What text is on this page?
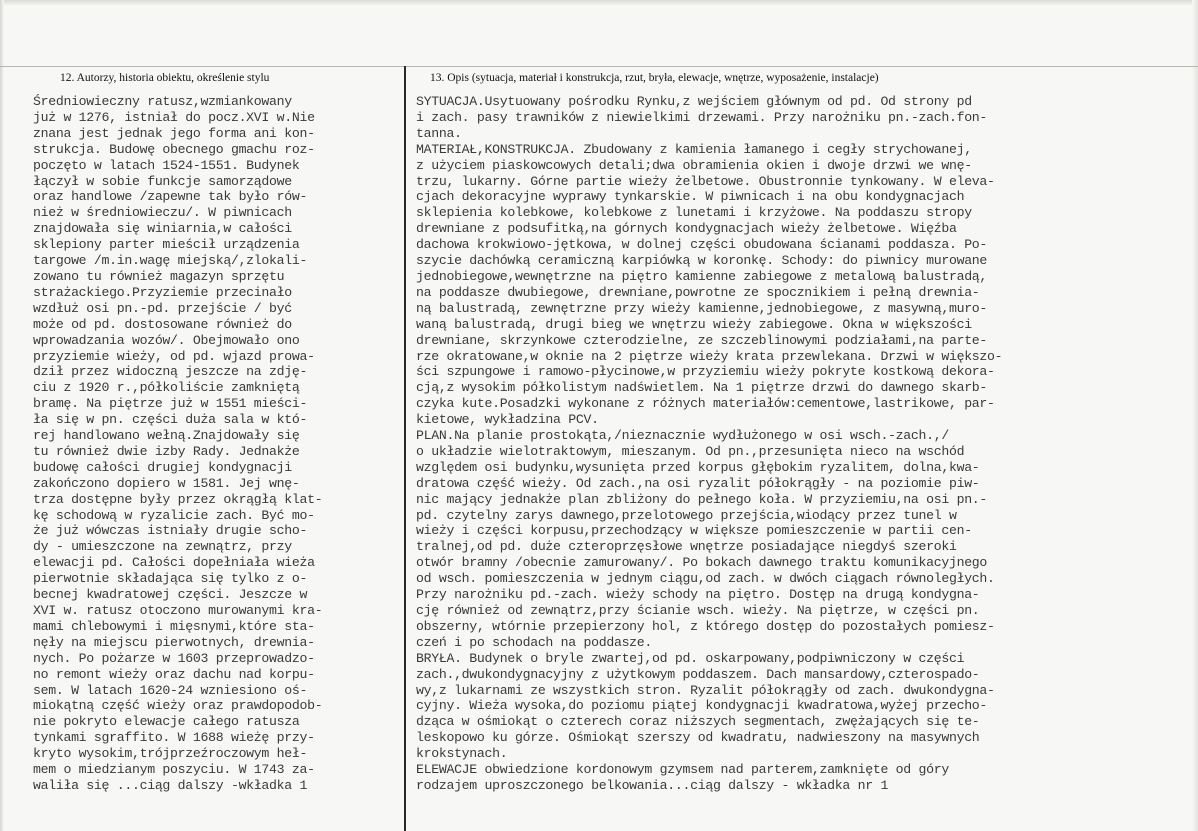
12. Autorzy, historia obiektu, określenie stylu	13. Opis (sytuacja, materiał i konstrukcja, rzut, bryła, elewacje, wnętrze, wyposażenie, instalacje)

Średniowieczny ratusz,wzmiankowany
już w 1276, istniał do pocz.XVI w.Nie
znana jest jednak jego forma ani kon-
strukcja. Budowę obecnego gmachu roz-
poczęto w latach 1524-1551. Budynek
łączył w sobie funkcje samorządowe
oraz handlowe /zapewne tak było rów-
nież w średniowieczu/. W piwnicach
znajdowała się winiarnia,w całości
sklepiony parter mieścił urządzenia
targowe /m.in.wagę miejską/,zlokali-
zowano tu również magazyn sprzętu
strażackiego.Przyziemie przecinało
wzdłuż osi pn.-pd. przejście / być
może od pd. dostosowane również do
wprowadzania wozów/. Obejmowało ono
przyziemie wieży, od pd. wjazd prowa-
dził przez widoczną jeszcze na zdję-
ciu z 1920 r.,półkoliście zamkniętą
bramę. Na piętrze już w 1551 mieści-
ła się w pn. części duża sala w któ-
rej handlowano wełną.Znajdowały się
tu również dwie izby Rady. Jednakże
budowę całości drugiej kondygnacji
zakończono dopiero w 1581. Jej wnę-
trza dostępne były przez okrągłą klat-
kę schodową w ryzalicie zach. Być mo-
że już wówczas istniały drugie scho-
dy - umieszczone na zewnątrz, przy
elewacji pd. Całości dopełniała wieża
pierwotnie składająca się tylko z o-
becnej kwadratowej części. Jeszcze w
XVI w. ratusz otoczono murowanymi kra-
mami chlebowymi i mięsnymi,które sta-
nęły na miejscu pierwotnych, drewnia-
nych. Po pożarze w 1603 przeprowadzo-
no remont wieży oraz dachu nad korpu-
sem. W latach 1620-24 wzniesiono oś-
miokątną część wieży oraz prawdopodob-
nie pokryto elewacje całego ratusza
tynkami sgraffito. W 1688 wieżę przy-
kryto wysokim,trójprzeźroczowym heł-
mem o miedzianym poszyciu. W 1743 za-
waliła się ...ciąg dalszy -wkładka 1
SYTUACJA.Usytuowany pośrodku Rynku,z wejściem głównym od pd. Od strony pd
i zach. pasy trawników z niewielkimi drzewami. Przy narożniku pn.-zach.fon-
tanna.
MATERIAŁ,KONSTRUKCJA. Zbudowany z kamienia łamanego i cegły strychowanej,
z użyciem piaskowcowych detali;dwa obramienia okien i dwoje drzwi we wnę-
trzu, lukarny. Górne partie wieży żelbetowe. Obustronnie tynkowany. W eleva-
cjach dekoracyjne wyprawy tynkarskie. W piwnicach i na obu kondygnacjach
sklepienia kolebkowe, kolebkowe z lunetami i krzyżowe. Na poddaszu stropy
drewniane z podsufitką,na górnych kondygnacjach wieży żelbetowe. Więźba
dachowa krokwiowo-jętkowa, w dolnej części obudowana ścianami poddasza. Po-
szycie dachówką ceramiczną karpiówką w koronkę. Schody: do piwnicy murowane
jednobiegowe,wewnętrzne na piętro kamienne zabiegowe z metalową balustradą,
na poddasze dwubiegowe, drewniane,powrotne ze spocznikiem i pełną drewnia-
ną balustradą, zewnętrzne przy wieży kamienne,jednobiegowe, z masywną,muro-
waną balustradą, drugi bieg we wnętrzu wieży zabiegowe. Okna w większości
drewniane, skrzynkowe czterodzielne, ze szczeblinowymi podziałami,na parte-
rze okratowane,w oknie na 2 piętrze wieży krata przewlekana. Drzwi w większo-
ści szpungowe i ramowo-płycinowe,w przyziemiu wieży pokryte kostkową dekora-
cją,z wysokim półkolistym nadświetlem. Na 1 piętrze drzwi do dawnego skarb-
czyka kute.Posadzki wykonane z różnych materiałów:cementowe,lastrikowe, par-
kietowe, wykładzina PCV.
PLAN.Na planie prostokąta,/nieznacznie wydłużonego w osi wsch.-zach.,/
o układzie wielotraktowym, mieszanym. Od pn.,przesunięta nieco na wschód
względem osi budynku,wysunięta przed korpus głębokim ryzalitem, dolna,kwa-
dratowa część wieży. Od zach.,na osi ryzalit półokrągły - na poziomie piw-
nic mający jednakże plan zbliżony do pełnego koła. W przyziemiu,na osi pn.-
pd. czytelny zarys dawnego,przelotowego przejścia,wiodący przez tunel w
wieży i części korpusu,przechodzący w większe pomieszczenie w partii cen-
tralnej,od pd. duże czteroprzęsłowe wnętrze posiadające niegdyś szeroki
otwór bramny /obecnie zamurowany/. Po bokach dawnego traktu komunikacyjnego
od wsch. pomieszczenia w jednym ciągu,od zach. w dwóch ciągach równoległych.
Przy narożniku pd.-zach. wieży schody na piętro. Dostęp na drugą kondygna-
cję również od zewnątrz,przy ścianie wsch. wieży. Na piętrze, w części pn.
obszerny, wtórnie przepierzony hol, z którego dostęp do pozostałych pomiesz-
czeń i po schodach na poddasze.
BRYŁA. Budynek o bryle zwartej,od pd. oskarpowany,podpiwniczony w części
zach.,dwukondygnacyjny z użytkowym poddaszem. Dach mansardowy,czterospado-
wy,z lukarnami ze wszystkich stron. Ryzalit półokrągły od zach. dwukondygna-
cyjny. Wieża wysoka,do poziomu piątej kondygnacji kwadratowa,wyżej przecho-
dząca w ośmiokąt o czterech coraz niższych segmentach, zwężających się te-
leskopowo ku górze. Ośmiokąt szerszy od kwadratu, nadwieszony na masywnych
krokstynach.
ELEWACJE obwiedzione kordonowym gzymsem nad parterem,zamknięte od góry
rodzajem uproszczonego belkowania...ciąg dalszy - wkładka nr 1
